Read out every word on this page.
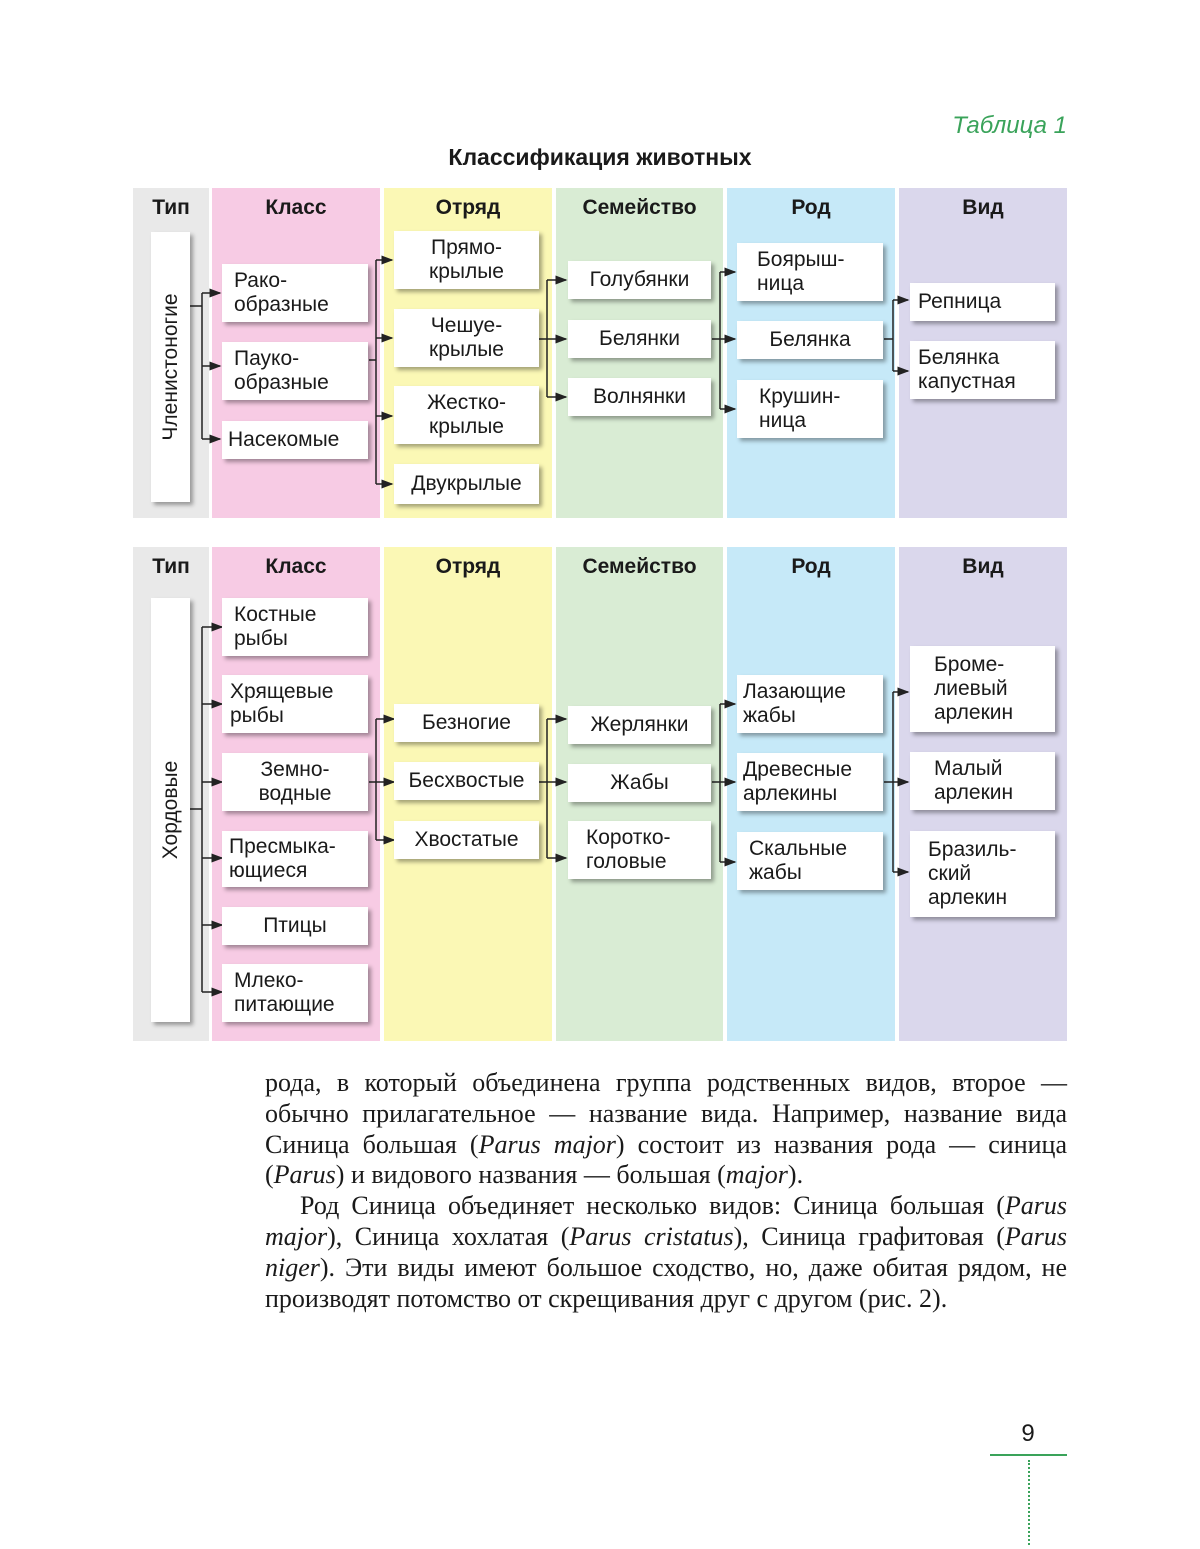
Таблица 1
Классификация животных
Тип	Класс	Отряд	Семейство	Род	Вид
Членистоногие
Рако-
образные
Пауко-
образные
Насекомые
Прямо-
крылые
Чешуе-
крылые
Жестко-
крылые
Двукрылые
Голубянки
Белянки
Волнянки
Боярыш-
ница
Белянка
Крушин-
ница
Репница
Белянка
капустная
Тип	Класс	Отряд	Семейство	Род	Вид
Хордовые
Костные
рыбы
Хрящевые
рыбы
Земно-
водные
Пресмыка-
ющиеся
Птицы
Млеко-
питающие
Безногие
Бесхвостые
Хвостатые
Жерлянки
Жабы
Коротко-
головые
Лазающие
жабы
Древесные
арлекины
Скальные
жабы
Броме-
лиевый
арлекин
Малый
арлекин
Бразиль-
ский
арлекин

рода, в который объединена группа родственных видов, второе — обычно прилагательное — название вида. Например, название вида Синица большая (Parus major) состоит из названия рода — синица (Parus) и видового названия — большая (major).

Род Синица объединяет несколько видов: Синица большая (Parus major), Синица хохлатая (Parus cristatus), Синица графитовая (Parus niger). Эти виды имеют большое сходство, но, даже обитая рядом, не производят потомство от скрещивания друг с другом (рис. 2).

9
